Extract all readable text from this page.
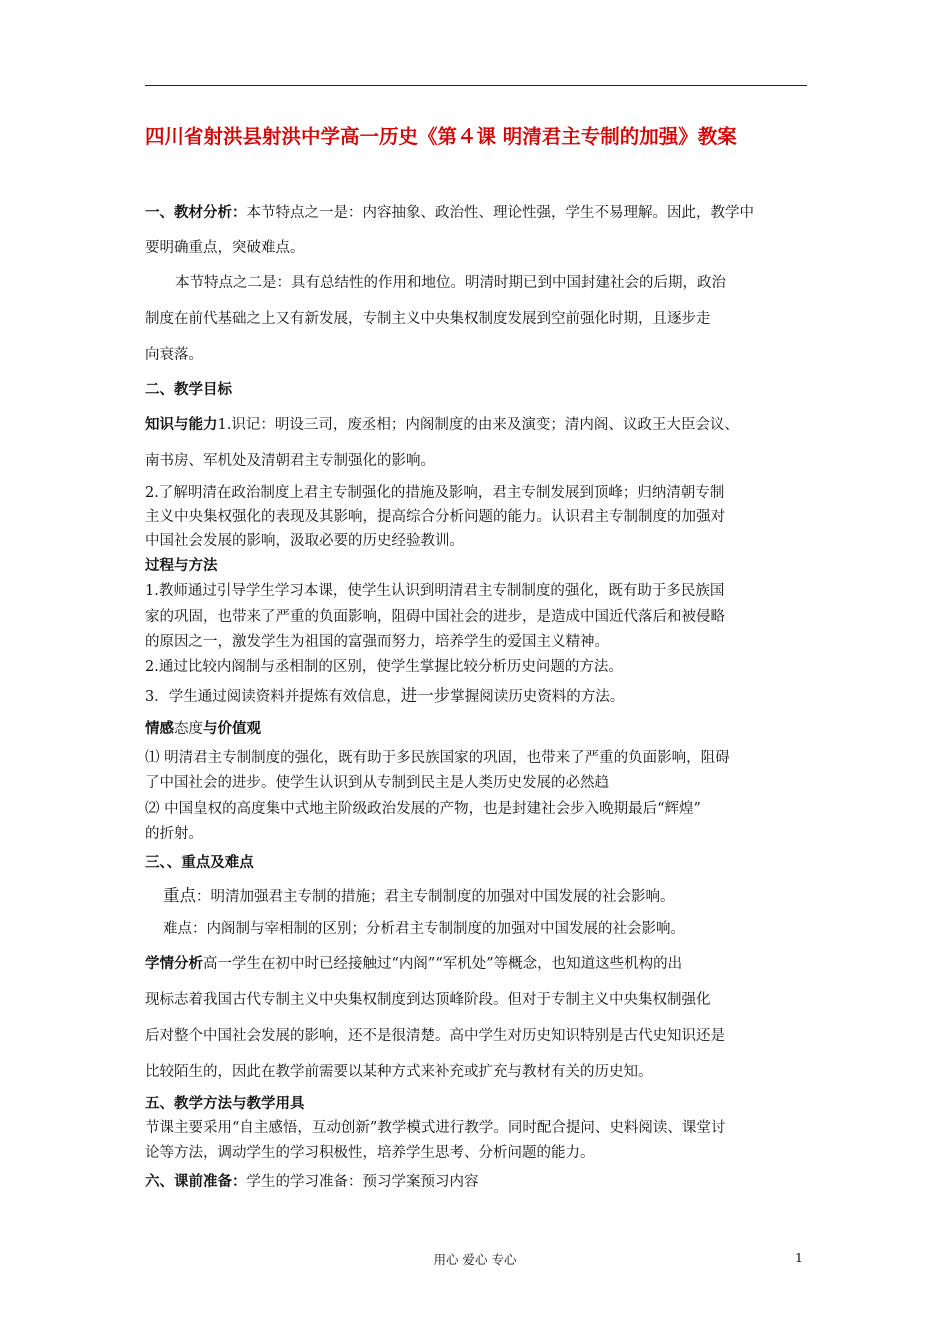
四川省射洪县射洪中学高一历史《第４课 明清君主专制的加强》教案
一、教材分析：本节特点之一是：内容抽象、政治性、理论性强，学生不易理解。因此，教学中
要明确重点，突破难点。
本节特点之二是：具有总结性的作用和地位。明清时期已到中国封建社会的后期，政治
制度在前代基础之上又有新发展，专制主义中央集权制度发展到空前强化时期，且逐步走
向衰落。
二、教学目标
知识与能力1.识记：明设三司，废丞相；内阁制度的由来及演变；清内阁、议政王大臣会议、
南书房、军机处及清朝君主专制强化的影响。
2.了解明清在政治制度上君主专制强化的措施及影响，君主专制发展到顶峰；归纳清朝专制
主义中央集权强化的表现及其影响，提高综合分析问题的能力。认识君主专制制度的加强对
中国社会发展的影响，汲取必要的历史经验教训。
过程与方法
1.教师通过引导学生学习本课，使学生认识到明清君主专制制度的强化，既有助于多民族国
家的巩固，也带来了严重的负面影响，阻碍中国社会的进步，是造成中国近代落后和被侵略
的原因之一，激发学生为祖国的富强而努力，培养学生的爱国主义精神。
2.通过比较内阁制与丞相制的区别，使学生掌握比较分析历史问题的方法。
3．学生通过阅读资料并提炼有效信息，进一步掌握阅读历史资料的方法。
情感态度与价值观
⑴ 明清君主专制制度的强化，既有助于多民族国家的巩固，也带来了严重的负面影响，阻碍
了中国社会的进步。使学生认识到从专制到民主是人类历史发展的必然趋
⑵ 中国皇权的高度集中式地主阶级政治发展的产物，也是封建社会步入晚期最后“辉煌”
的折射。
三、、重点及难点
重点：明清加强君主专制的措施；君主专制制度的加强对中国发展的社会影响。
难点：内阁制与宰相制的区别；分析君主专制制度的加强对中国发展的社会影响。
学情分析高一学生在初中时已经接触过“内阁”“军机处”等概念，也知道这些机构的出
现标志着我国古代专制主义中央集权制度到达顶峰阶段。但对于专制主义中央集权制强化
后对整个中国社会发展的影响，还不是很清楚。高中学生对历史知识特别是古代史知识还是
比较陌生的，因此在教学前需要以某种方式来补充或扩充与教材有关的历史知。
五、教学方法与教学用具
节课主要采用“自主感悟，互动创新”教学模式进行教学。同时配合提问、史料阅读、课堂讨
论等方法，调动学生的学习积极性，培养学生思考、分析问题的能力。
六、课前准备：学生的学习准备：预习学案预习内容
用心 爱心 专心	1
